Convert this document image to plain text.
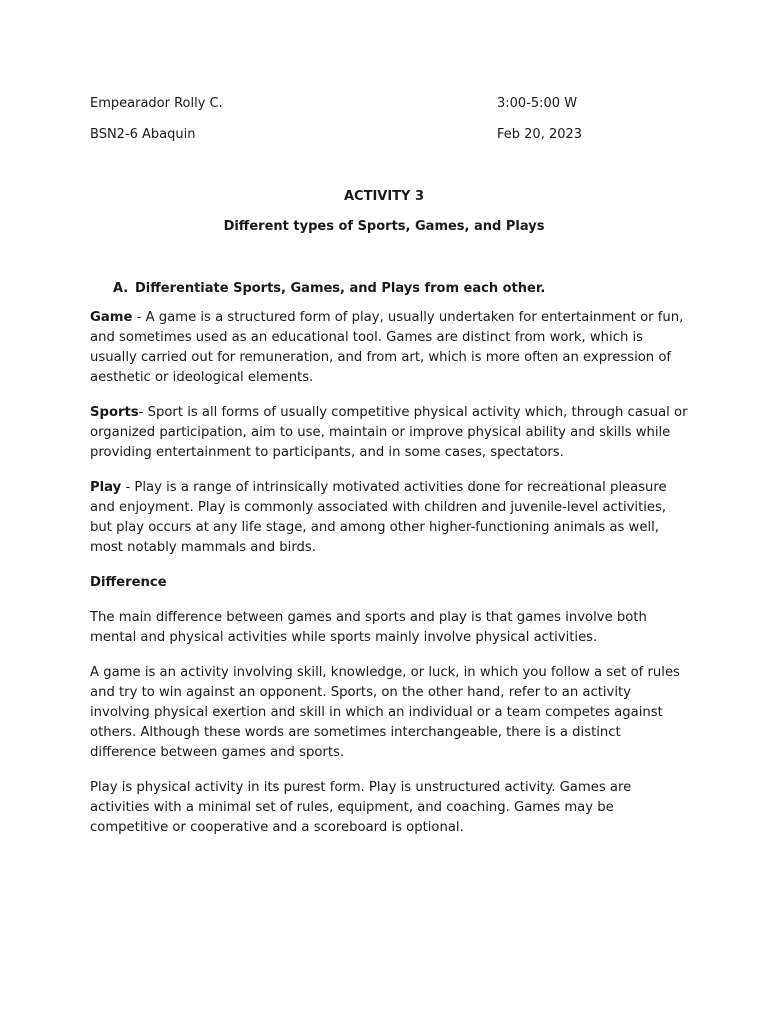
Empearador Rolly C.	3:00-5:00 W
BSN2-6 Abaquin	Feb 20, 2023
ACTIVITY 3
Different types of Sports, Games, and Plays
A. Differentiate Sports, Games, and Plays from each other.

Game - A game is a structured form of play, usually undertaken for entertainment or fun, and sometimes used as an educational tool. Games are distinct from work, which is usually carried out for remuneration, and from art, which is more often an expression of aesthetic or ideological elements.

Sports- Sport is all forms of usually competitive physical activity which, through casual or organized participation, aim to use, maintain or improve physical ability and skills while providing entertainment to participants, and in some cases, spectators.

Play - Play is a range of intrinsically motivated activities done for recreational pleasure and enjoyment. Play is commonly associated with children and juvenile-level activities, but play occurs at any life stage, and among other higher-functioning animals as well, most notably mammals and birds.

Difference

The main difference between games and sports and play is that games involve both mental and physical activities while sports mainly involve physical activities.

A game is an activity involving skill, knowledge, or luck, in which you follow a set of rules and try to win against an opponent. Sports, on the other hand, refer to an activity involving physical exertion and skill in which an individual or a team competes against others. Although these words are sometimes interchangeable, there is a distinct difference between games and sports.

Play is physical activity in its purest form. Play is unstructured activity. Games are activities with a minimal set of rules, equipment, and coaching. Games may be competitive or cooperative and a scoreboard is optional.
